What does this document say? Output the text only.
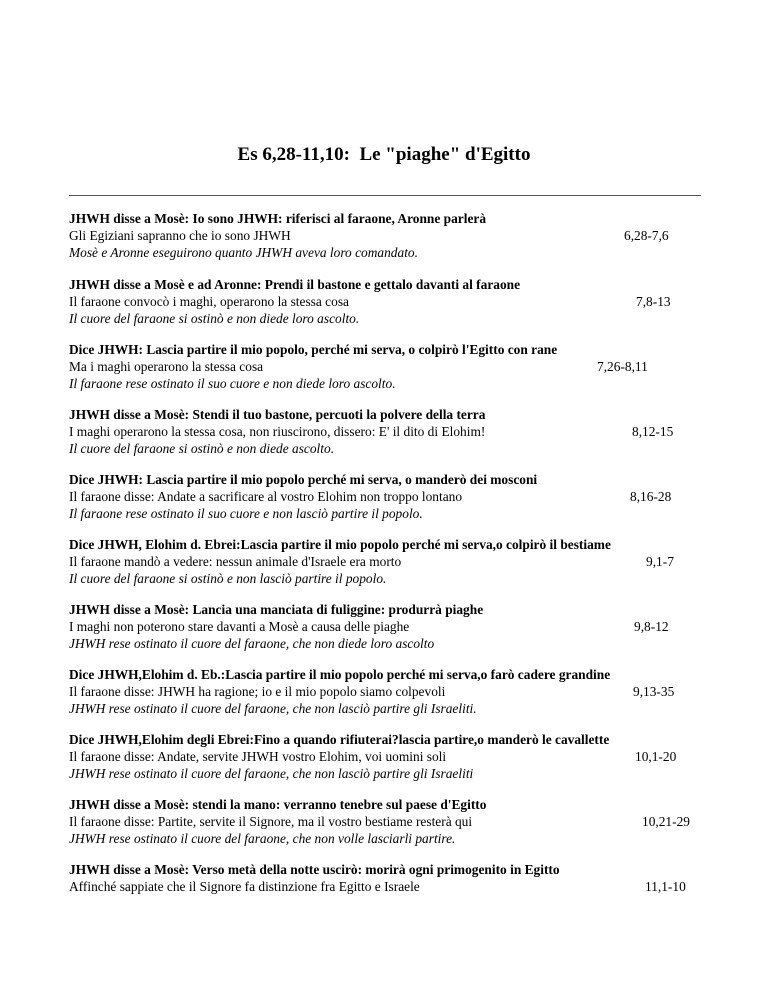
Es 6,28-11,10:  Le "piaghe" d'Egitto
JHWH disse a Mosè: Io sono JHWH: riferisci al faraone, Aronne parlerà
Gli Egiziani sapranno che io sono JHWH	6,28-7,6
Mosè e Aronne eseguirono quanto JHWH aveva loro comandato.
JHWH disse a Mosè e ad Aronne: Prendi il bastone e gettalo davanti al faraone
Il faraone convocò i maghi, operarono la stessa cosa	7,8-13
Il cuore del faraone si ostinò e non diede loro ascolto.
Dice JHWH: Lascia partire il mio popolo, perché mi serva, o colpirò l'Egitto con rane
Ma i maghi operarono la stessa cosa	7,26-8,11
Il faraone rese ostinato il suo cuore e non diede loro ascolto.
JHWH disse a Mosè: Stendi il tuo bastone, percuoti la polvere della terra
I maghi operarono la stessa cosa, non riuscirono, dissero: E' il dito di Elohim!	8,12-15
Il cuore del faraone si ostinò e non diede ascolto.
Dice JHWH: Lascia partire il mio popolo perché mi serva, o manderò dei mosconi
Il faraone disse: Andate a sacrificare al vostro Elohim non troppo lontano	8,16-28
Il faraone rese ostinato il suo cuore e non lasciò partire il popolo.
Dice JHWH, Elohim d. Ebrei:Lascia partire il mio popolo perché mi serva,o colpirò il bestiame
Il faraone mandò a vedere: nessun animale d'Israele era morto	9,1-7
Il cuore del faraone si ostinò e non lasciò partire il popolo.
JHWH disse a Mosè: Lancia una manciata di fuliggine: produrrà piaghe
I maghi non poterono stare davanti a Mosè a causa delle piaghe	9,8-12
JHWH rese ostinato il cuore del faraone, che non diede loro ascolto
Dice JHWH,Elohim d. Eb.:Lascia partire il mio popolo perché mi serva,o farò cadere grandine
Il faraone disse: JHWH ha ragione; io e il mio popolo siamo colpevoli	9,13-35
JHWH rese ostinato il cuore del faraone, che non lasciò partire gli Israeliti.
Dice JHWH,Elohim degli Ebrei:Fino a quando rifiuterai?lascia partire,o manderò le cavallette
Il faraone disse: Andate, servite JHWH vostro Elohim, voi uomini soli	10,1-20
JHWH rese ostinato il cuore del faraone, che non lasciò partire gli Israeliti
JHWH disse a Mosè: stendi la mano: verranno tenebre sul paese d'Egitto
Il faraone disse: Partite, servite il Signore, ma il vostro bestiame resterà qui	10,21-29
JHWH rese ostinato il cuore del faraone, che non volle lasciarli partire.
JHWH disse a Mosè: Verso metà della notte uscirò: morirà ogni primogenito in Egitto
Affinché sappiate che il Signore fa distinzione fra Egitto e Israele	11,1-10
